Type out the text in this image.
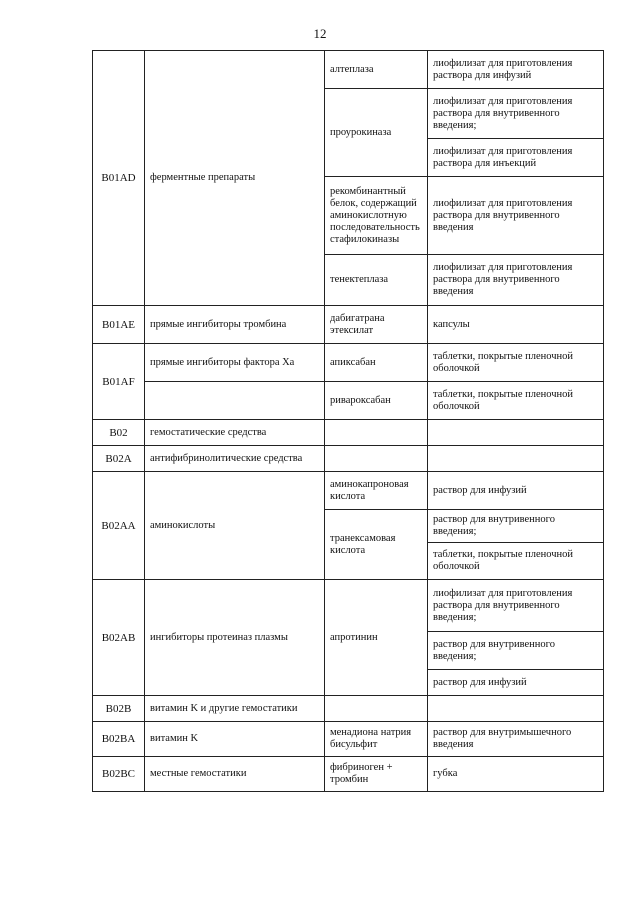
12
B01AD	ферментные препараты	алтеплаза	лиофилизат для приготовления раствора для инфузий
		проурокиназа	лиофилизат для приготовления раствора для внутривенного введения;
			лиофилизат для приготовления раствора для инъекций
		рекомбинантный белок, содержащий аминокислотную последовательность стафилокиназы	лиофилизат для приготовления раствора для внутривенного введения
		тенектеплаза	лиофилизат для приготовления раствора для внутривенного введения
B01AE	прямые ингибиторы тромбина	дабигатрана этексилат	капсулы
B01AF	прямые ингибиторы фактора Xa	апиксабан	таблетки, покрытые пленочной оболочкой
		ривароксабан	таблетки, покрытые пленочной оболочкой
B02	гемостатические средства		
B02A	антифибринолитические средства		
B02AA	аминокислоты	аминокапроновая кислота	раствор для инфузий
		транексамовая кислота	раствор для внутривенного введения;
			таблетки, покрытые пленочной оболочкой
B02AB	ингибиторы протеиназ плазмы	апротинин	лиофилизат для приготовления раствора для внутривенного введения;
			раствор для внутривенного введения;
			раствор для инфузий
B02B	витамин K и другие гемостатики		
B02BA	витамин K	менадиона натрия бисульфит	раствор для внутримышечного введения
B02BC	местные гемостатики	фибриноген + тромбин	губка
